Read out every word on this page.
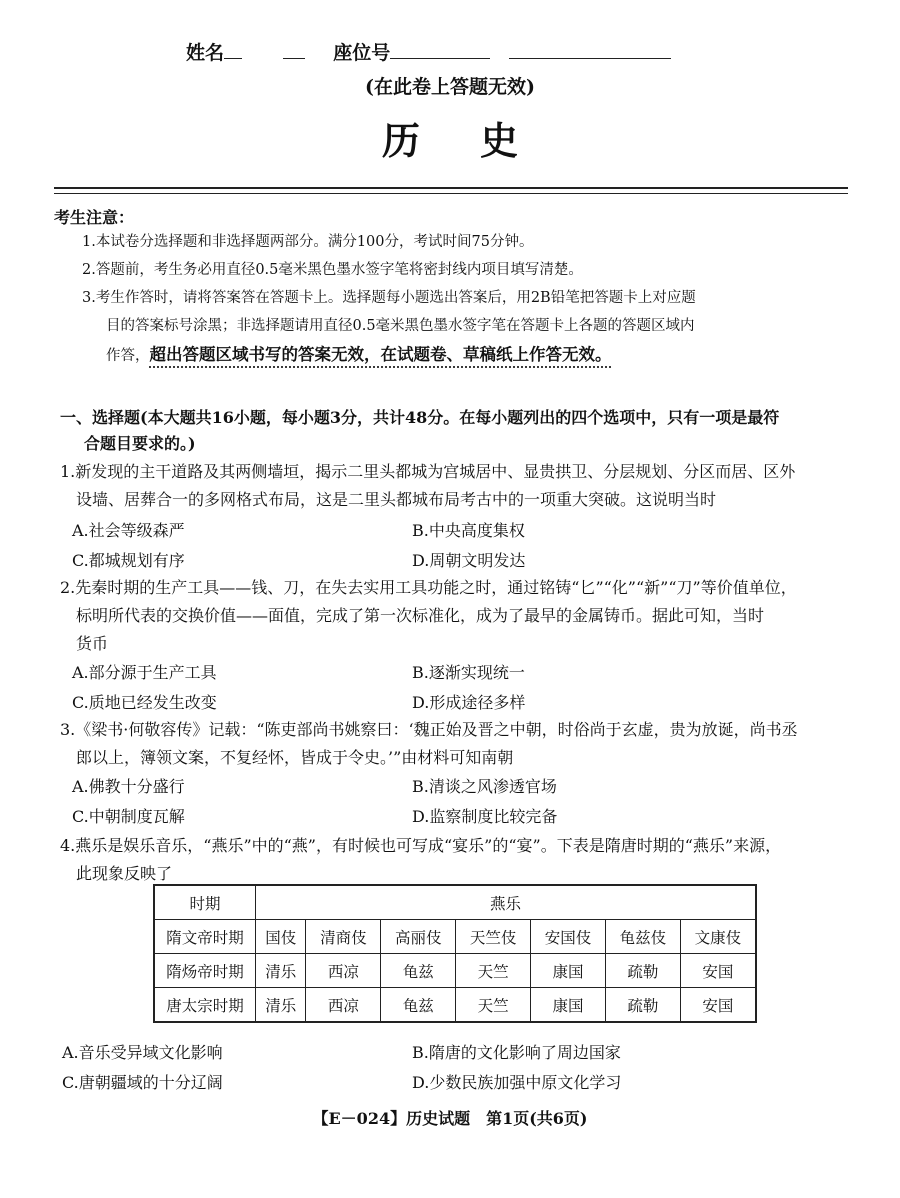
姓名	座位号
(在此卷上答题无效)
历史
考生注意：
1.本试卷分选择题和非选择题两部分。满分100分，考试时间75分钟。
2.答题前，考生务必用直径0.5毫米黑色墨水签字笔将密封线内项目填写清楚。
3.考生作答时，请将答案答在答题卡上。选择题每小题选出答案后，用2B铅笔把答题卡上对应题
目的答案标号涂黑；非选择题请用直径0.5毫米黑色墨水签字笔在答题卡上各题的答题区域内
作答，超出答题区域书写的答案无效，在试题卷、草稿纸上作答无效。
一、选择题(本大题共16小题，每小题3分，共计48分。在每小题列出的四个选项中，只有一项是最符
合题目要求的。)
1.新发现的主干道路及其两侧墙垣，揭示二里头都城为宫城居中、显贵拱卫、分层规划、分区而居、区外
设墙、居葬合一的多网格式布局，这是二里头都城布局考古中的一项重大突破。这说明当时
A.社会等级森严	B.中央高度集权
C.都城规划有序	D.周朝文明发达
2.先秦时期的生产工具——钱、刀，在失去实用工具功能之时，通过铭铸“匕”“化”“新”“刀”等价值单位，
标明所代表的交换价值——面值，完成了第一次标准化，成为了最早的金属铸币。据此可知，当时
货币
A.部分源于生产工具	B.逐渐实现统一
C.质地已经发生改变	D.形成途径多样
3.《梁书·何敬容传》记载：“陈吏部尚书姚察曰：‘魏正始及晋之中朝，时俗尚于玄虚，贵为放诞，尚书丞
郎以上，簿领文案，不复经怀，皆成于令史。’”由材料可知南朝
A.佛教十分盛行	B.清谈之风渗透官场
C.中朝制度瓦解	D.监察制度比较完备
4.燕乐是娱乐音乐，“燕乐”中的“燕”，有时候也可写成“宴乐”的“宴”。下表是隋唐时期的“燕乐”来源，
此现象反映了
时期	燕乐						
隋文帝时期	国伎	清商伎	高丽伎	天竺伎	安国伎	龟兹伎	文康伎
隋炀帝时期	清乐	西凉	龟兹	天竺	康国	疏勒	安国
唐太宗时期	清乐	西凉	龟兹	天竺	康国	疏勒	安国
A.音乐受异域文化影响	B.隋唐的文化影响了周边国家
C.唐朝疆域的十分辽阔	D.少数民族加强中原文化学习
【E－024】历史试题　第1页(共6页)
